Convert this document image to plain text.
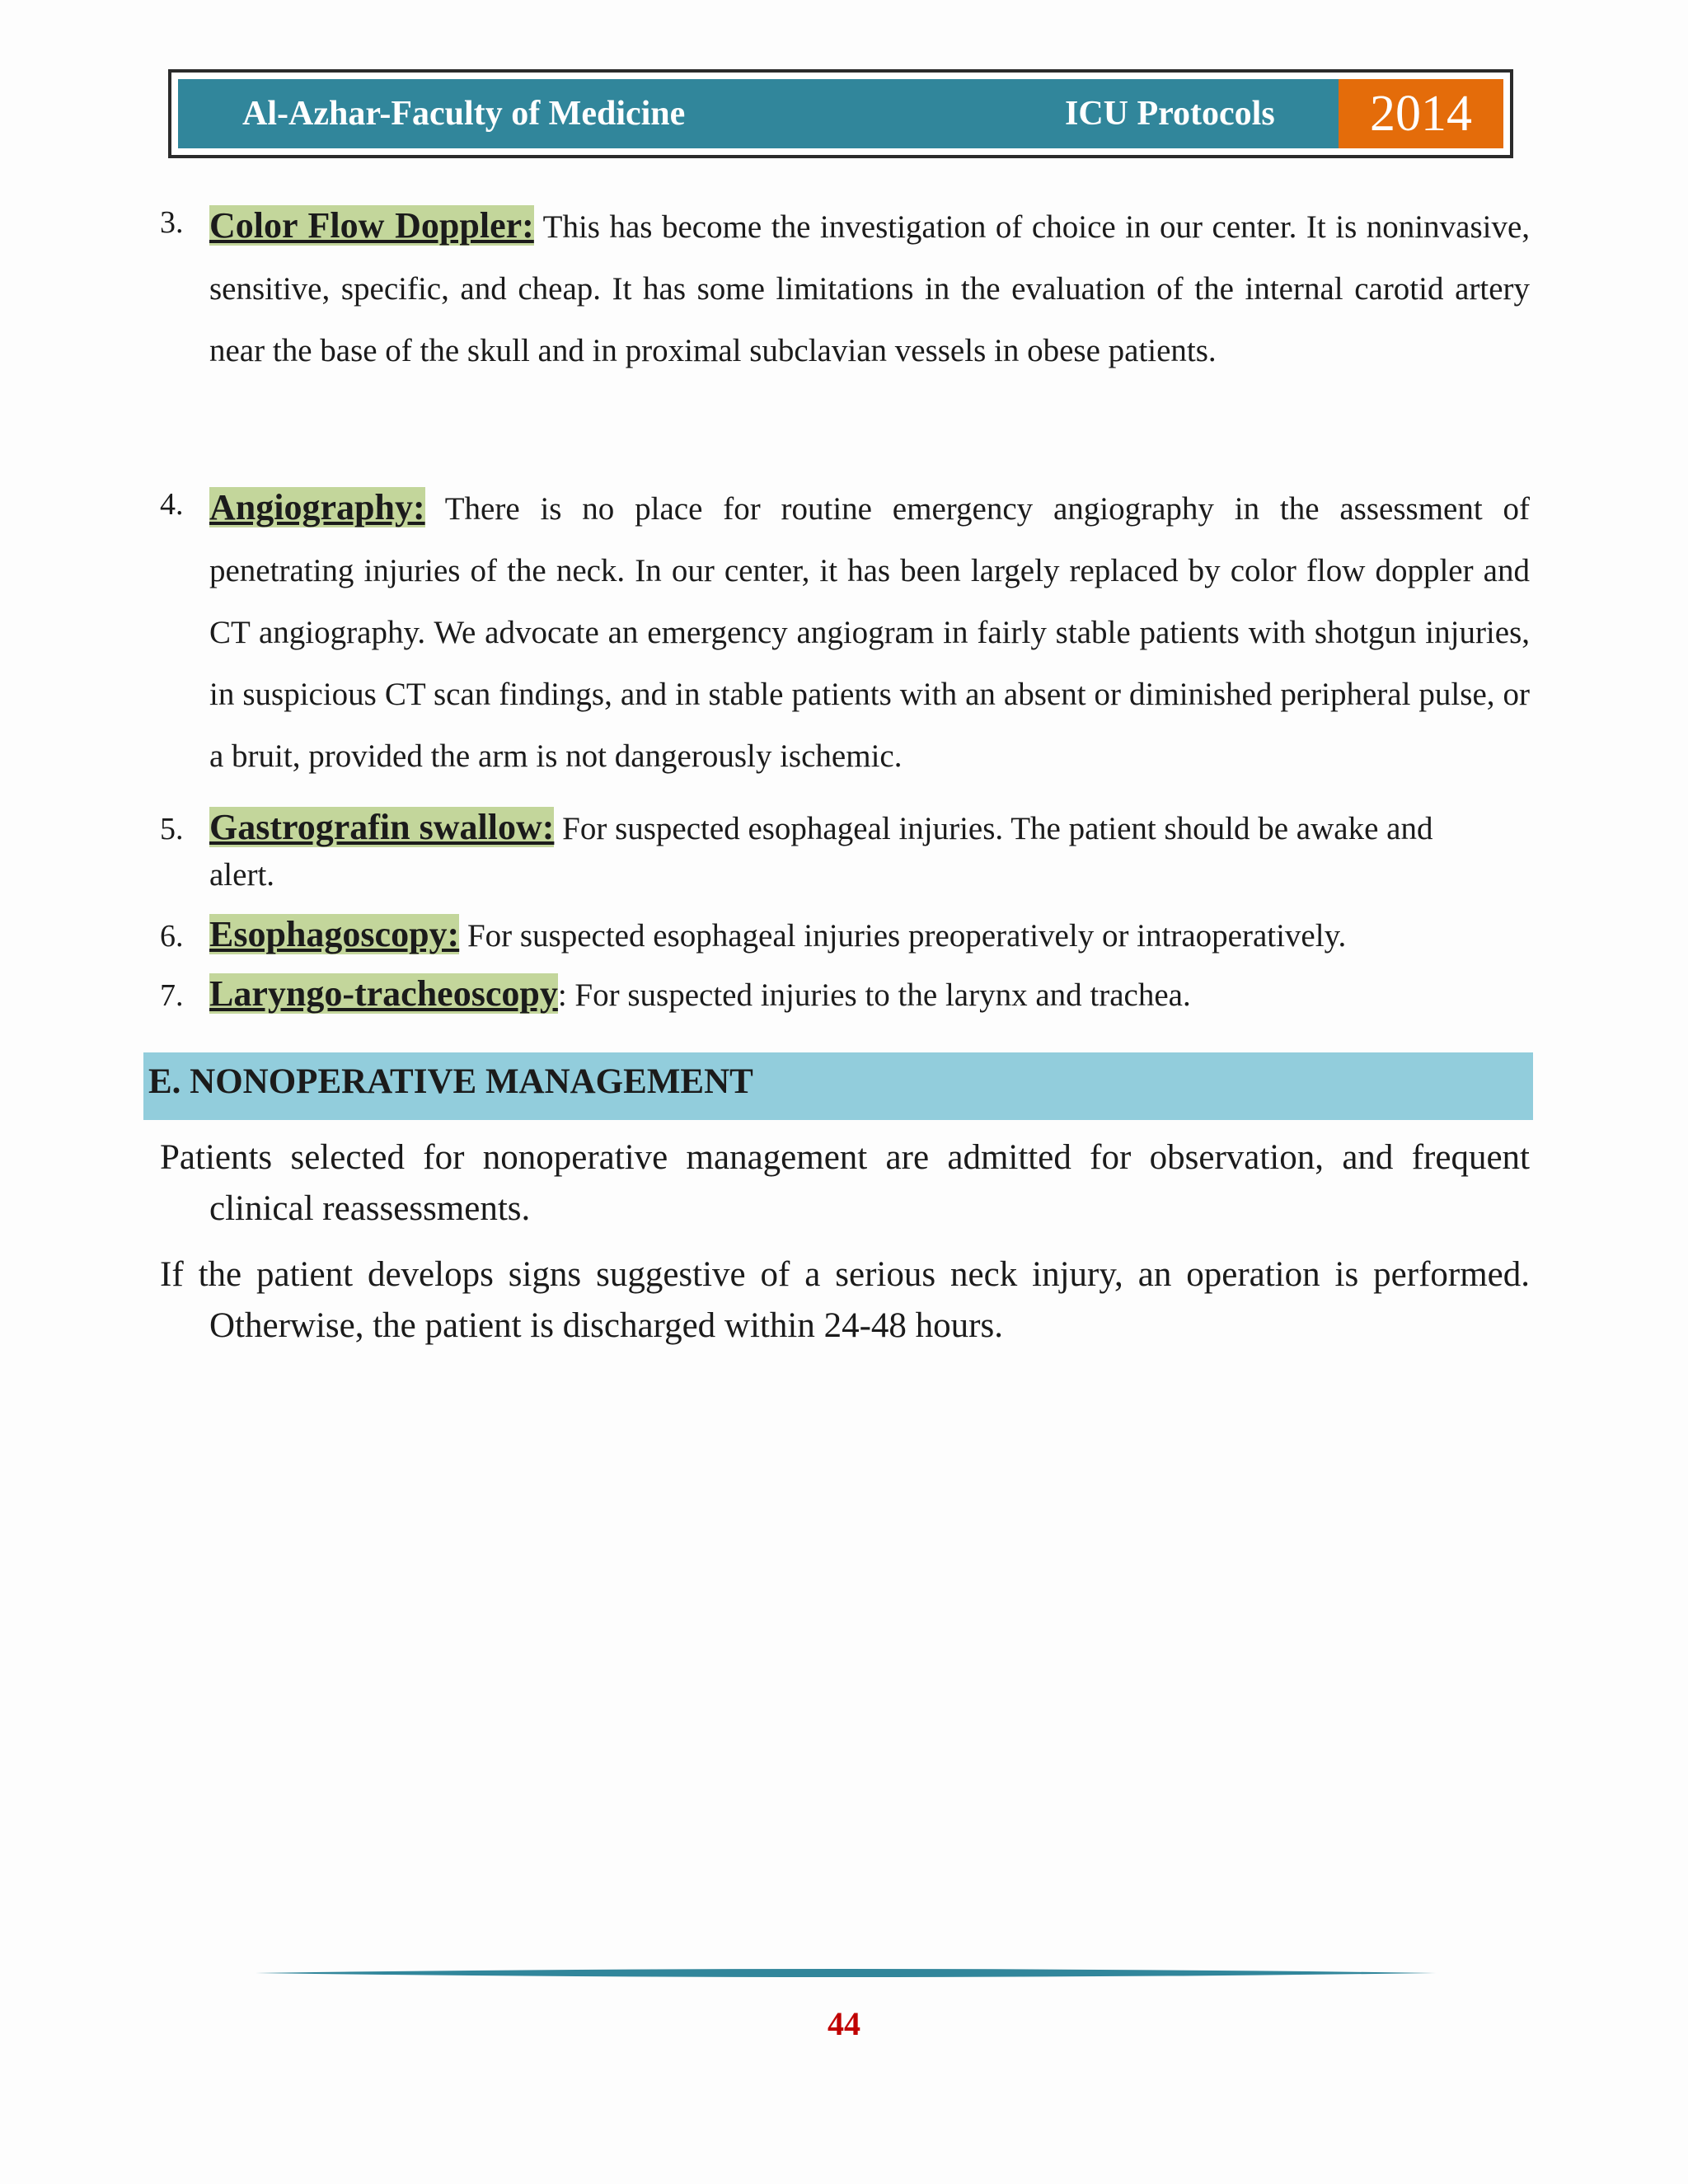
Al-Azhar-Faculty of Medicine	ICU Protocols	2014
3. Color Flow Doppler: This has become the investigation of choice in our center. It is noninvasive, sensitive, specific, and cheap. It has some limitations in the evaluation of the internal carotid artery near the base of the skull and in proximal subclavian vessels in obese patients.
4. Angiography: There is no place for routine emergency angiography in the assessment of penetrating injuries of the neck. In our center, it has been largely replaced by color flow doppler and CT angiography. We advocate an emergency angiogram in fairly stable patients with shotgun injuries, in suspicious CT scan findings, and in stable patients with an absent or diminished peripheral pulse, or a bruit, provided the arm is not dangerously ischemic.
5. Gastrografin swallow: For suspected esophageal injuries. The patient should be awake and alert.
6. Esophagoscopy: For suspected esophageal injuries preoperatively or intraoperatively.
7. Laryngo-tracheoscopy: For suspected injuries to the larynx and trachea.
E. NONOPERATIVE MANAGEMENT
Patients selected for nonoperative management are admitted for observation, and frequent clinical reassessments.
If the patient develops signs suggestive of a serious neck injury, an operation is performed. Otherwise, the patient is discharged within 24-48 hours.
44
